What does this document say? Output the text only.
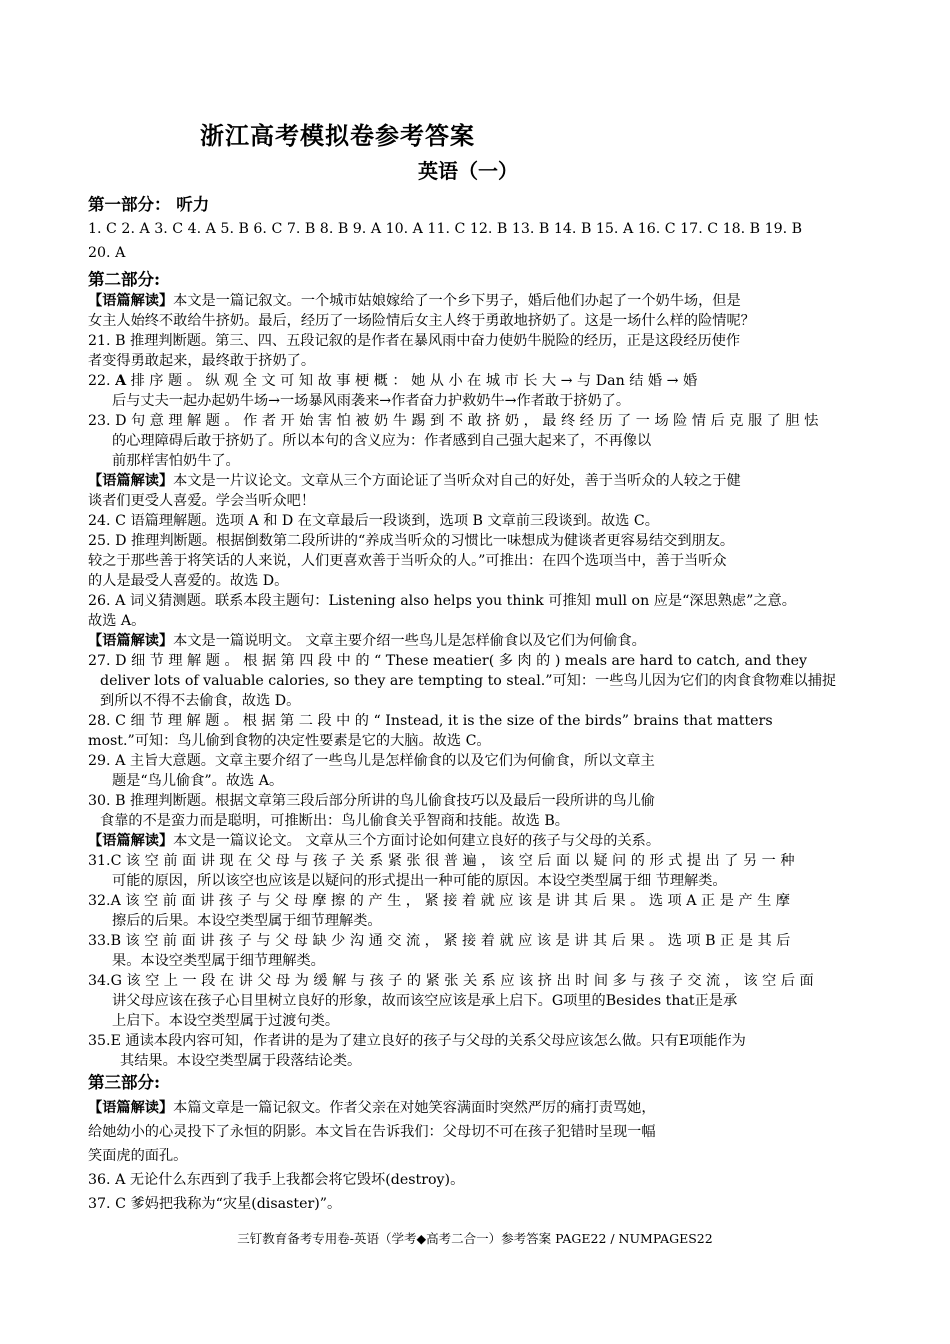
浙江高考模拟卷参考答案
英语（一）
第一部分： 听力
1. C 2. A 3. C 4. A 5. B 6. C 7. B 8. B 9. A 10. A 11. C 12. B 13. B 14. B 15. A 16. C 17. C 18. B 19. B
20. A
第二部分:
【语篇解读】本文是一篇记叙文。一个城市姑娘嫁给了一个乡下男子，婚后他们办起了一个奶牛场，但是
女主人始终不敢给牛挤奶。最后，经历了一场险情后女主人终于勇敢地挤奶了。这是一场什么样的险情呢？
21. B 推理判断题。第三、四、五段记叙的是作者在暴风雨中奋力使奶牛脱险的经历，正是这段经历使作
者变得勇敢起来，最终敢于挤奶了。
22. A 排 序 题 。 纵 观 全 文 可 知 故 事 梗 概 ： 她 从 小 在 城 市 长 大 → 与 Dan 结 婚 → 婚
后与丈夫一起办起奶牛场→一场暴风雨袭来→作者奋力护救奶牛→作者敢于挤奶了。
23. D 句 意 理 解 题 。 作 者 开 始 害 怕 被 奶 牛 踢 到 不 敢 挤 奶 ， 最 终 经 历 了 一 场 险 情 后 克 服 了 胆 怯
的心理障碍后敢于挤奶了。所以本句的含义应为：作者感到自己强大起来了，不再像以
前那样害怕奶牛了。
【语篇解读】本文是一片议论文。文章从三个方面论证了当听众对自己的好处，善于当听众的人较之于健
谈者们更受人喜爱。学会当听众吧！
24. C 语篇理解题。选项 A 和 D 在文章最后一段谈到，选项 B 文章前三段谈到。故选 C。
25. D 推理判断题。根据倒数第二段所讲的“养成当听众的习惯比一味想成为健谈者更容易结交到朋友。
较之于那些善于将笑话的人来说，人们更喜欢善于当听众的人。”可推出：在四个选项当中，善于当听众
的人是最受人喜爱的。故选 D。
26. A 词义猜测题。联系本段主题句：Listening also helps you think 可推知 mull on 应是“深思熟虑”之意。
故选 A。
【语篇解读】本文是一篇说明文。 文章主要介绍一些鸟儿是怎样偷食以及它们为何偷食。
27. D 细 节 理 解 题 。 根 据 第 四 段 中 的 “ These meatier( 多 肉 的 ) meals are hard to catch, and they
deliver lots of valuable calories, so they are tempting to steal.”可知：一些鸟儿因为它们的肉食食物难以捕捉
到所以不得不去偷食，故选 D。
28. C 细 节 理 解 题 。 根 据 第 二 段 中 的 “ Instead, it is the size of the birds” brains that matters
most.”可知：鸟儿偷到食物的决定性要素是它的大脑。故选 C。
29. A 主旨大意题。文章主要介绍了一些鸟儿是怎样偷食的以及它们为何偷食，所以文章主
题是“鸟儿偷食”。故选 A。
30. B 推理判断题。根据文章第三段后部分所讲的鸟儿偷食技巧以及最后一段所讲的鸟儿偷
食靠的不是蛮力而是聪明，可推断出：鸟儿偷食关乎智商和技能。故选 B。
【语篇解读】本文是一篇议论文。 文章从三个方面讨论如何建立良好的孩子与父母的关系。
31.C 该 空 前 面 讲 现 在 父 母 与 孩 子 关 系 紧 张 很 普 遍 ， 该 空 后 面 以 疑 问 的 形 式 提 出 了 另 一 种
可能的原因，所以该空也应该是以疑问的形式提出一种可能的原因。本设空类型属于细 节理解类。
32.A 该 空 前 面 讲 孩 子 与 父 母 摩 擦 的 产 生 ， 紧 接 着 就 应 该 是 讲 其 后 果 。 选 项 A 正 是 产 生 摩
擦后的后果。本设空类型属于细节理解类。
33.B 该 空 前 面 讲 孩 子 与 父 母 缺 少 沟 通 交 流 ， 紧 接 着 就 应 该 是 讲 其 后 果 。 选 项 B 正 是 其 后
果。本设空类型属于细节理解类。
34.G 该 空 上 一 段 在 讲 父 母 为 缓 解 与 孩 子 的 紧 张 关 系 应 该 挤 出 时 间 多 与 孩 子 交 流 ， 该 空 后 面
讲父母应该在孩子心目里树立良好的形象，故而该空应该是承上启下。G项里的Besides that正是承
上启下。本设空类型属于过渡句类。
35.E 通读本段内容可知，作者讲的是为了建立良好的孩子与父母的关系父母应该怎么做。只有E项能作为
其结果。本设空类型属于段落结论类。
第三部分:
【语篇解读】本篇文章是一篇记叙文。作者父亲在对她笑容满面时突然严厉的痛打责骂她，
给她幼小的心灵投下了永恒的阴影。本文旨在告诉我们：父母切不可在孩子犯错时呈现一幅
笑面虎的面孔。
36. A 无论什么东西到了我手上我都会将它毁坏(destroy)。
37. C 爹妈把我称为“灾星(disaster)”。
三钉教育备考专用卷-英语（学考◆高考二合一）参考答案 PAGE22 / NUMPAGES22
